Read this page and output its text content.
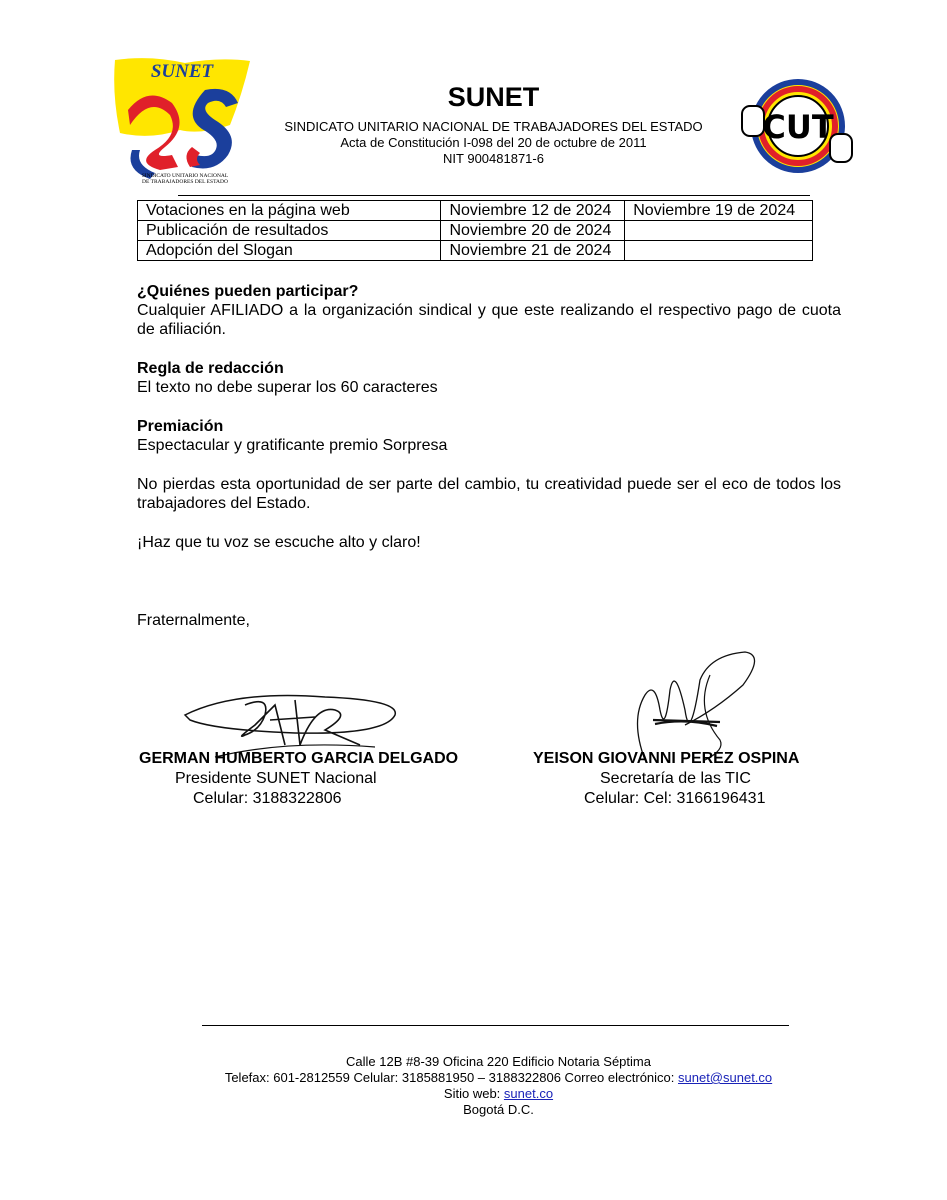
SUNET
SINDICATO UNITARIO NACIONAL
DE TRABAJADORES DEL ESTADO
CUT
SUNET
SINDICATO UNITARIO NACIONAL DE TRABAJADORES DEL ESTADO
Acta de Constitución I-098 del 20 de octubre de 2011
NIT 900481871-6
Votaciones en la página web	Noviembre 12 de 2024	Noviembre 19 de 2024
Publicación de resultados	Noviembre 20 de 2024	
Adopción del Slogan	Noviembre 21 de 2024	
¿Quiénes pueden participar?
Cualquier AFILIADO a la organización sindical y que este realizando el respectivo pago de cuota de afiliación.
Regla de redacción
El texto no debe superar los 60 caracteres
Premiación
Espectacular y gratificante premio Sorpresa
No pierdas esta oportunidad de ser parte del cambio, tu creatividad puede ser el eco de todos los trabajadores del Estado.
¡Haz que tu voz se escuche alto y claro!
Fraternalmente,
GERMAN HUMBERTO GARCIA DELGADO
Presidente SUNET Nacional
Celular: 3188322806
YEISON GIOVANNI PEREZ OSPINA
Secretaría de las TIC
Celular: Cel: 3166196431
Calle 12B #8-39 Oficina 220 Edificio Notaria Séptima
Telefax: 601-2812559 Celular: 3185881950 – 3188322806 Correo electrónico: sunet@sunet.co
Sitio web: sunet.co
Bogotá D.C.
